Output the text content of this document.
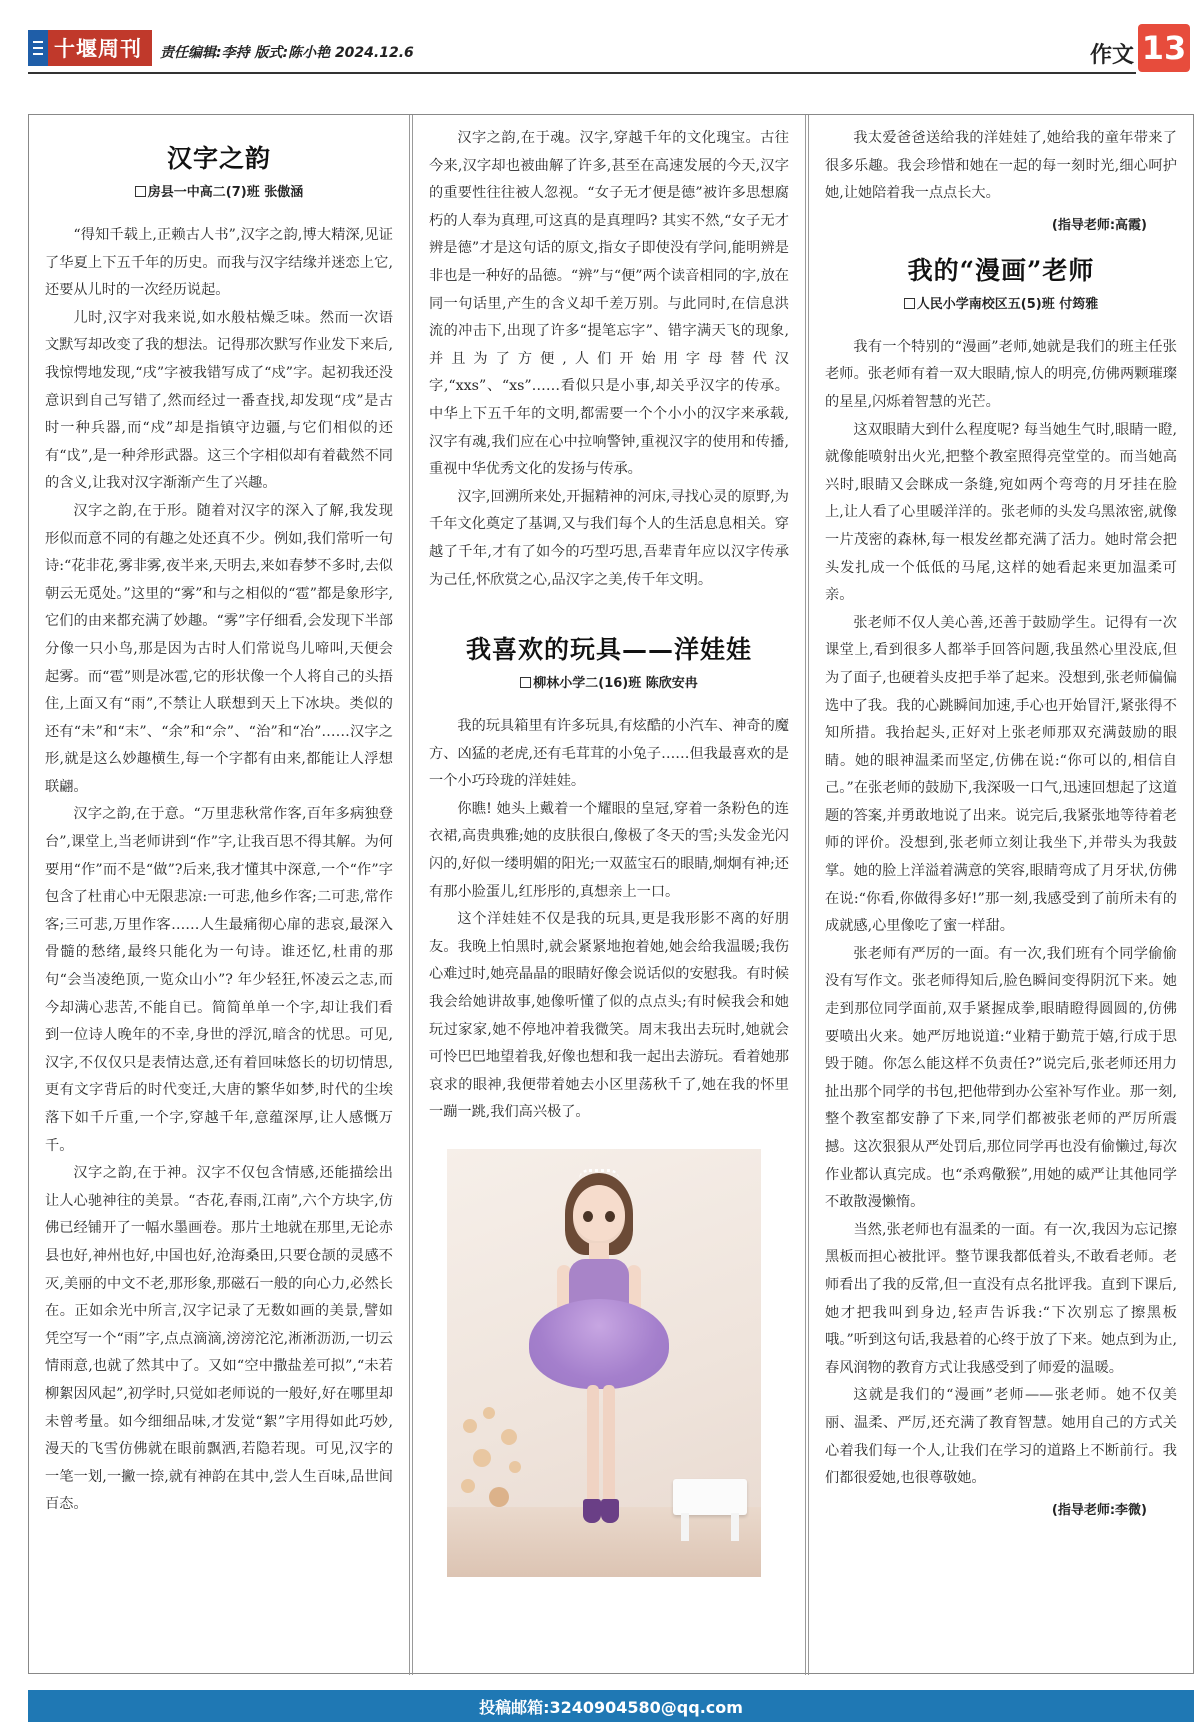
十堰周刊 责任编辑:李持 版式:陈小艳 2024.12.6	作文 13
汉字之韵
房县一中高二(7)班 张傲涵

“得知千载上,正赖古人书”,汉字之韵,博大精深,见证了华夏上下五千年的历史。而我与汉字结缘并迷恋上它,还要从儿时的一次经历说起。

儿时,汉字对我来说,如水般枯燥乏味。然而一次语文默写却改变了我的想法。记得那次默写作业发下来后,我惊愕地发现,“戌”字被我错写成了“戍”字。起初我还没意识到自己写错了,然而经过一番查找,却发现“戌”是古时一种兵器,而“戍”却是指镇守边疆,与它们相似的还有“戉”,是一种斧形武器。这三个字相似却有着截然不同的含义,让我对汉字渐渐产生了兴趣。

汉字之韵,在于形。随着对汉字的深入了解,我发现形似而意不同的有趣之处还真不少。例如,我们常听一句诗:“花非花,雾非雾,夜半来,天明去,来如春梦不多时,去似朝云无觅处。”这里的“雾”和与之相似的“雹”都是象形字,它们的由来都充满了妙趣。“雾”字仔细看,会发现下半部分像一只小鸟,那是因为古时人们常说鸟儿啼叫,天便会起雾。而“雹”则是冰雹,它的形状像一个人将自己的头捂住,上面又有“雨”,不禁让人联想到天上下冰块。类似的还有“未”和“末”、“余”和“佘”、“治”和“冶”……汉字之形,就是这么妙趣横生,每一个字都有由来,都能让人浮想联翩。

汉字之韵,在于意。“万里悲秋常作客,百年多病独登台”,课堂上,当老师讲到“作”字,让我百思不得其解。为何要用“作”而不是“做”?后来,我才懂其中深意,一个“作”字包含了杜甫心中无限悲凉:一可悲,他乡作客;二可悲,常作客;三可悲,万里作客……人生最痛彻心扉的悲哀,最深入骨髓的愁绪,最终只能化为一句诗。谁还忆,杜甫的那句“会当凌绝顶,一览众山小”? 年少轻狂,怀凌云之志,而今却满心悲苦,不能自已。简简单单一个字,却让我们看到一位诗人晚年的不幸,身世的浮沉,暗含的忧思。可见,汉字,不仅仅只是表情达意,还有着回味悠长的切切情思,更有文字背后的时代变迁,大唐的繁华如梦,时代的尘埃落下如千斤重,一个字,穿越千年,意蕴深厚,让人感慨万千。

汉字之韵,在于神。汉字不仅包含情感,还能描绘出让人心驰神往的美景。“杏花,春雨,江南”,六个方块字,仿佛已经铺开了一幅水墨画卷。那片土地就在那里,无论赤县也好,神州也好,中国也好,沧海桑田,只要仓颉的灵感不灭,美丽的中文不老,那形象,那磁石一般的向心力,必然长在。正如余光中所言,汉字记录了无数如画的美景,譬如凭空写一个“雨”字,点点滴滴,滂滂沱沱,淅淅沥沥,一切云情雨意,也就了然其中了。又如“空中撒盐差可拟”,“未若柳絮因风起”,初学时,只觉如老师说的一般好,好在哪里却未曾考量。如今细细品味,才发觉“絮”字用得如此巧妙,漫天的飞雪仿佛就在眼前飘洒,若隐若现。可见,汉字的一笔一划,一撇一捺,就有神韵在其中,尝人生百味,品世间百态。

汉字之韵,在于魂。汉字,穿越千年的文化瑰宝。古往今来,汉字却也被曲解了许多,甚至在高速发展的今天,汉字的重要性往往被人忽视。“女子无才便是德”被许多思想腐朽的人奉为真理,可这真的是真理吗? 其实不然,“女子无才辨是德”才是这句话的原文,指女子即使没有学问,能明辨是非也是一种好的品德。“辨”与“便”两个读音相同的字,放在同一句话里,产生的含义却千差万别。与此同时,在信息洪流的冲击下,出现了许多“提笔忘字”、错字满天飞的现象,并且为了方便,人们开始用字母替代汉字,“xxs”、“xs”……看似只是小事,却关乎汉字的传承。中华上下五千年的文明,都需要一个个小小的汉字来承载,汉字有魂,我们应在心中拉响警钟,重视汉字的使用和传播,重视中华优秀文化的发扬与传承。

汉字,回溯所来处,开掘精神的河床,寻找心灵的原野,为千年文化奠定了基调,又与我们每个人的生活息息相关。穿越了千年,才有了如今的巧型巧思,吾辈青年应以汉字传承为己任,怀欣赏之心,品汉字之美,传千年文明。

我喜欢的玩具——洋娃娃
柳林小学二(16)班 陈欣安冉

我的玩具箱里有许多玩具,有炫酷的小汽车、神奇的魔方、凶猛的老虎,还有毛茸茸的小兔子……但我最喜欢的是一个小巧玲珑的洋娃娃。

你瞧! 她头上戴着一个耀眼的皇冠,穿着一条粉色的连衣裙,高贵典雅;她的皮肤很白,像极了冬天的雪;头发金光闪闪的,好似一缕明媚的阳光;一双蓝宝石的眼睛,炯炯有神;还有那小脸蛋儿,红彤彤的,真想亲上一口。

这个洋娃娃不仅是我的玩具,更是我形影不离的好朋友。我晚上怕黑时,就会紧紧地抱着她,她会给我温暖;我伤心难过时,她亮晶晶的眼睛好像会说话似的安慰我。有时候我会给她讲故事,她像听懂了似的点点头;有时候我会和她玩过家家,她不停地冲着我微笑。周末我出去玩时,她就会可怜巴巴地望着我,好像也想和我一起出去游玩。看着她那哀求的眼神,我便带着她去小区里荡秋千了,她在我的怀里一蹦一跳,我们高兴极了。

我太爱爸爸送给我的洋娃娃了,她给我的童年带来了很多乐趣。我会珍惜和她在一起的每一刻时光,细心呵护她,让她陪着我一点点长大。

(指导老师:高霞)
我的“漫画”老师
人民小学南校区五(5)班 付筠雅

我有一个特别的“漫画”老师,她就是我们的班主任张老师。张老师有着一双大眼睛,惊人的明亮,仿佛两颗璀璨的星星,闪烁着智慧的光芒。

这双眼睛大到什么程度呢? 每当她生气时,眼睛一瞪,就像能喷射出火光,把整个教室照得亮堂堂的。而当她高兴时,眼睛又会眯成一条缝,宛如两个弯弯的月牙挂在脸上,让人看了心里暖洋洋的。张老师的头发乌黑浓密,就像一片茂密的森林,每一根发丝都充满了活力。她时常会把头发扎成一个低低的马尾,这样的她看起来更加温柔可亲。

张老师不仅人美心善,还善于鼓励学生。记得有一次课堂上,看到很多人都举手回答问题,我虽然心里没底,但为了面子,也硬着头皮把手举了起来。没想到,张老师偏偏选中了我。我的心跳瞬间加速,手心也开始冒汗,紧张得不知所措。我抬起头,正好对上张老师那双充满鼓励的眼睛。她的眼神温柔而坚定,仿佛在说:“你可以的,相信自己。”在张老师的鼓励下,我深吸一口气,迅速回想起了这道题的答案,并勇敢地说了出来。说完后,我紧张地等待着老师的评价。没想到,张老师立刻让我坐下,并带头为我鼓掌。她的脸上洋溢着满意的笑容,眼睛弯成了月牙状,仿佛在说:“你看,你做得多好!”那一刻,我感受到了前所未有的成就感,心里像吃了蜜一样甜。

张老师有严厉的一面。有一次,我们班有个同学偷偷没有写作文。张老师得知后,脸色瞬间变得阴沉下来。她走到那位同学面前,双手紧握成拳,眼睛瞪得圆圆的,仿佛要喷出火来。她严厉地说道:“业精于勤荒于嬉,行成于思毁于随。你怎么能这样不负责任?”说完后,张老师还用力扯出那个同学的书包,把他带到办公室补写作业。那一刻,整个教室都安静了下来,同学们都被张老师的严厉所震撼。这次狠狠从严处罚后,那位同学再也没有偷懒过,每次作业都认真完成。也“杀鸡儆猴”,用她的威严让其他同学不敢散漫懒惰。

当然,张老师也有温柔的一面。有一次,我因为忘记擦黑板而担心被批评。整节课我都低着头,不敢看老师。老师看出了我的反常,但一直没有点名批评我。直到下课后,她才把我叫到身边,轻声告诉我:“下次别忘了擦黑板哦。”听到这句话,我悬着的心终于放了下来。她点到为止,春风润物的教育方式让我感受到了师爱的温暖。

这就是我们的“漫画”老师——张老师。她不仅美丽、温柔、严厉,还充满了教育智慧。她用自己的方式关心着我们每一个人,让我们在学习的道路上不断前行。我们都很爱她,也很尊敬她。

(指导老师:李微)
投稿邮箱:3240904580@qq.com
